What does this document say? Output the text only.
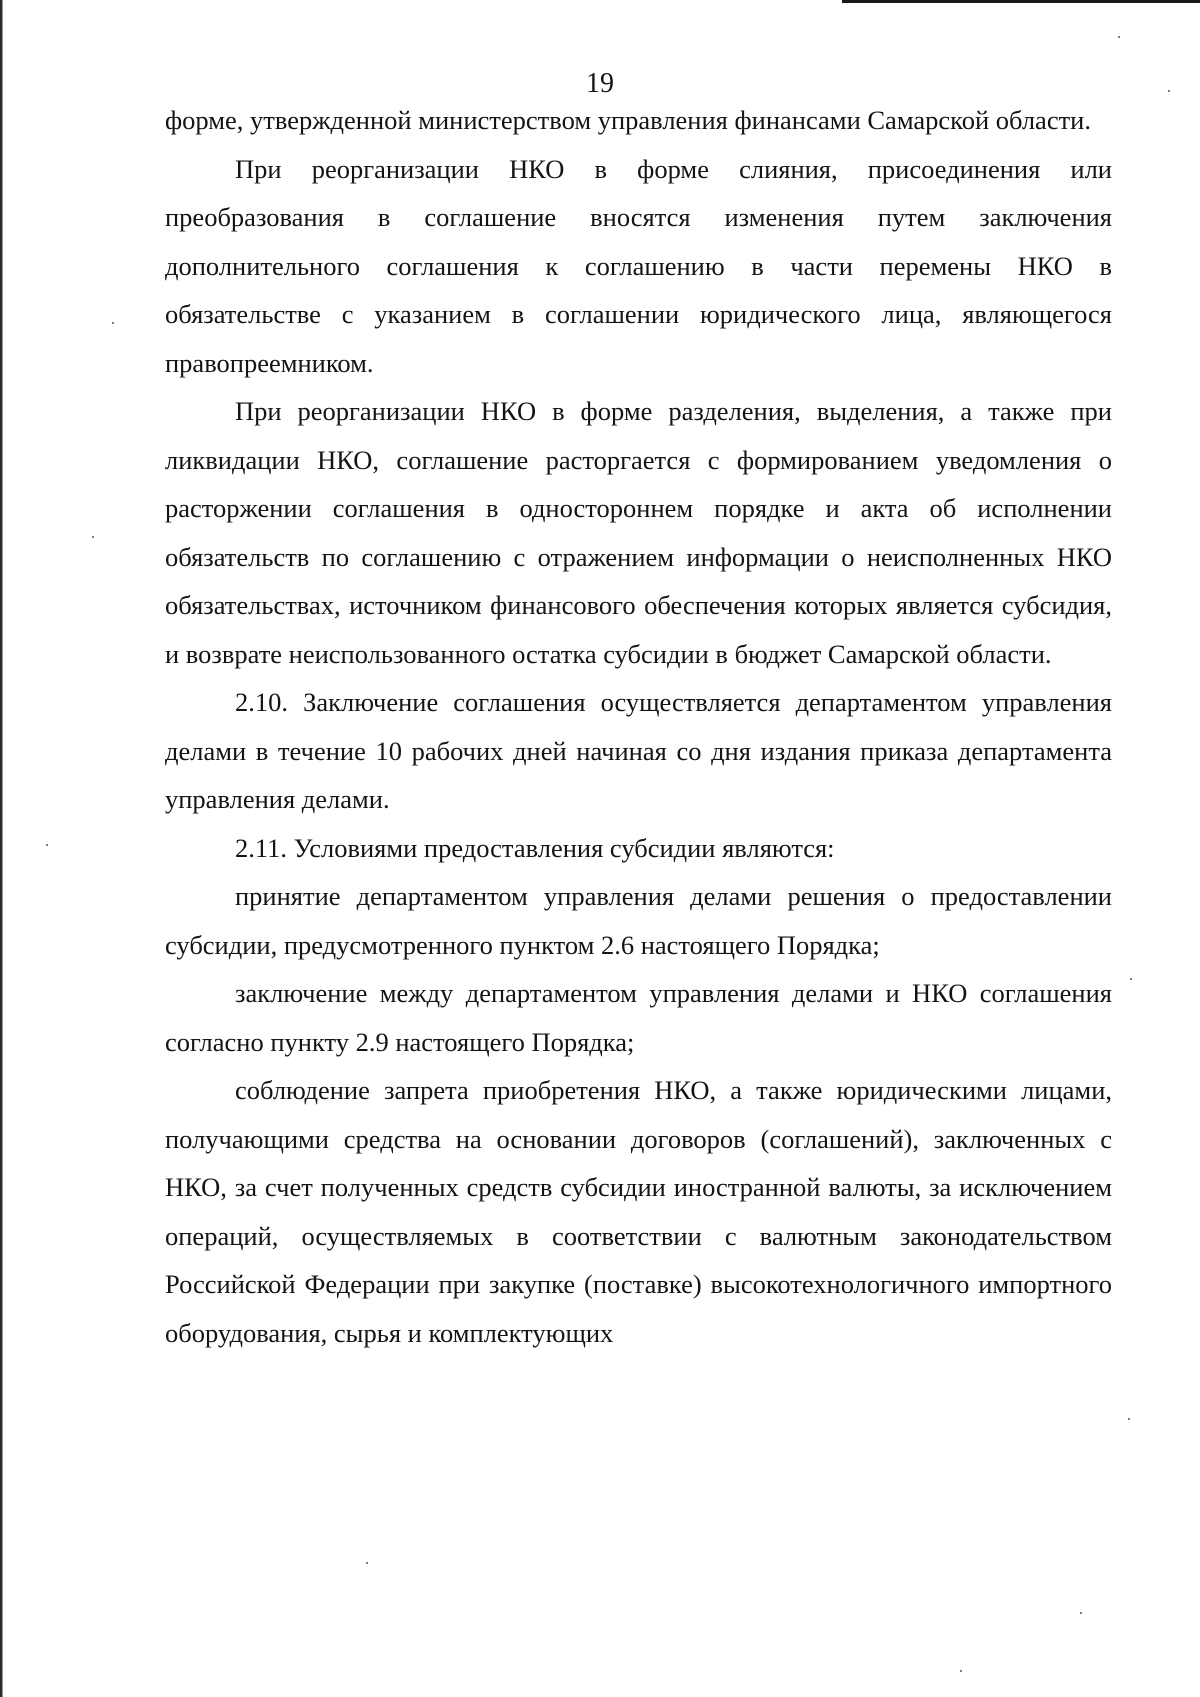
19

форме, утвержденной министерством управления финансами Самарской области.

При реорганизации НКО в форме слияния, присоединения или преобразования в соглашение вносятся изменения путем заключения дополнительного соглашения к соглашению в части перемены НКО в обязательстве с указанием в соглашении юридического лица, являющегося правопреемником.

При реорганизации НКО в форме разделения, выделения, а также при ликвидации НКО, соглашение расторгается с формированием уведомления о расторжении соглашения в одностороннем порядке и акта об исполнении обязательств по соглашению с отражением информации о неисполненных НКО обязательствах, источником финансового обеспечения которых является субсидия, и возврате неиспользованного остатка субсидии в бюджет Самарской области.

2.10. Заключение соглашения осуществляется департаментом управления делами в течение 10 рабочих дней начиная со дня издания приказа департамента управления делами.

2.11. Условиями предоставления субсидии являются:

принятие департаментом управления делами решения о предоставлении субсидии, предусмотренного пунктом 2.6 настоящего Порядка;

заключение между департаментом управления делами и НКО соглашения согласно пункту 2.9 настоящего Порядка;

соблюдение запрета приобретения НКО, а также юридическими лицами, получающими средства на основании договоров (соглашений), заключенных с НКО, за счет полученных средств субсидии иностранной валюты, за исключением операций, осуществляемых в соответствии с валютным законодательством Российской Федерации при закупке (поставке) высокотехнологичного импортного оборудования, сырья и комплектующих
